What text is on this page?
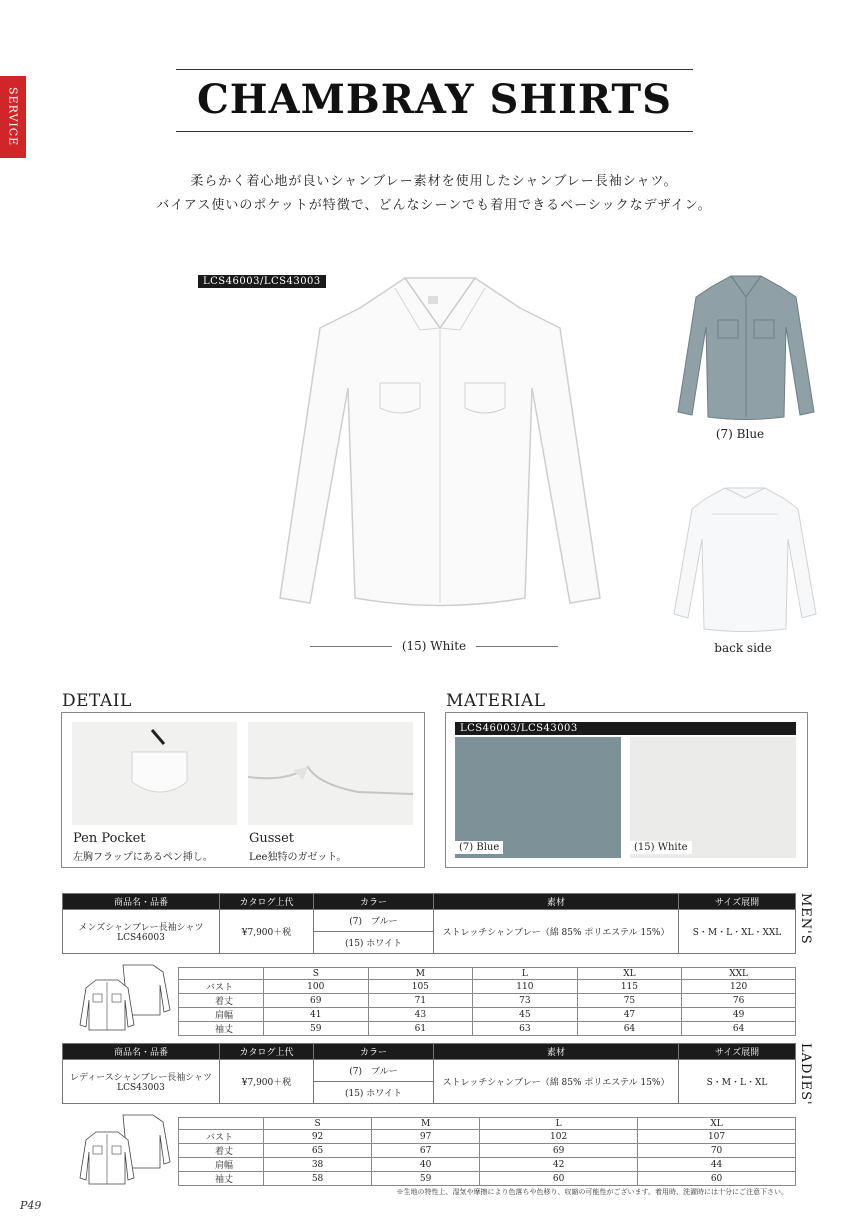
SERVICE	CHAMBRAY SHIRTS
柔らかく着心地が良いシャンブレー素材を使用したシャンブレー長袖シャツ。
バイアス使いのポケットが特徴で、どんなシーンでも着用できるベーシックなデザイン。
LCS46003/LCS43003
(15) White
(7) Blue
back side
DETAIL
Pen Pocket
左胸フラップにあるペン挿し。
Gusset
Lee独特のガゼット。
MATERIAL
LCS46003/LCS43003
(7) Blue	(15) White
商品名・品番	カタログ上代	カラー	素材	サイズ展開

メンズシャンブレー長袖シャツ
LCS46003	¥7,900＋税	(7)　ブルー	ストレッチシャンブレー（綿 85% ポリエステル 15%）	S・M・L・XL・XXL
		(15) ホワイト			MEN'S
	S	M	L	XL	XXL
バスト	100	105	110	115	120
着丈	69	71	73	75	76
肩幅	41	43	45	47	49
袖丈	59	61	63	64	64
商品名・品番	カタログ上代	カラー	素材	サイズ展開

レディースシャンブレー長袖シャツ
LCS43003	¥7,900＋税	(7)　ブルー	ストレッチシャンブレー（綿 85% ポリエステル 15%）	S・M・L・XL
		(15) ホワイト			LADIES'
	S	M	L	XL
バスト	92	97	102	107
着丈	65	67	69	70
肩幅	38	40	42	44
袖丈	58	59	60	60
※生地の特性上、湿気や摩擦により色落ちや色移り、収縮の可能性がございます。着用時、洗濯時には十分にご注意下さい。
P49
